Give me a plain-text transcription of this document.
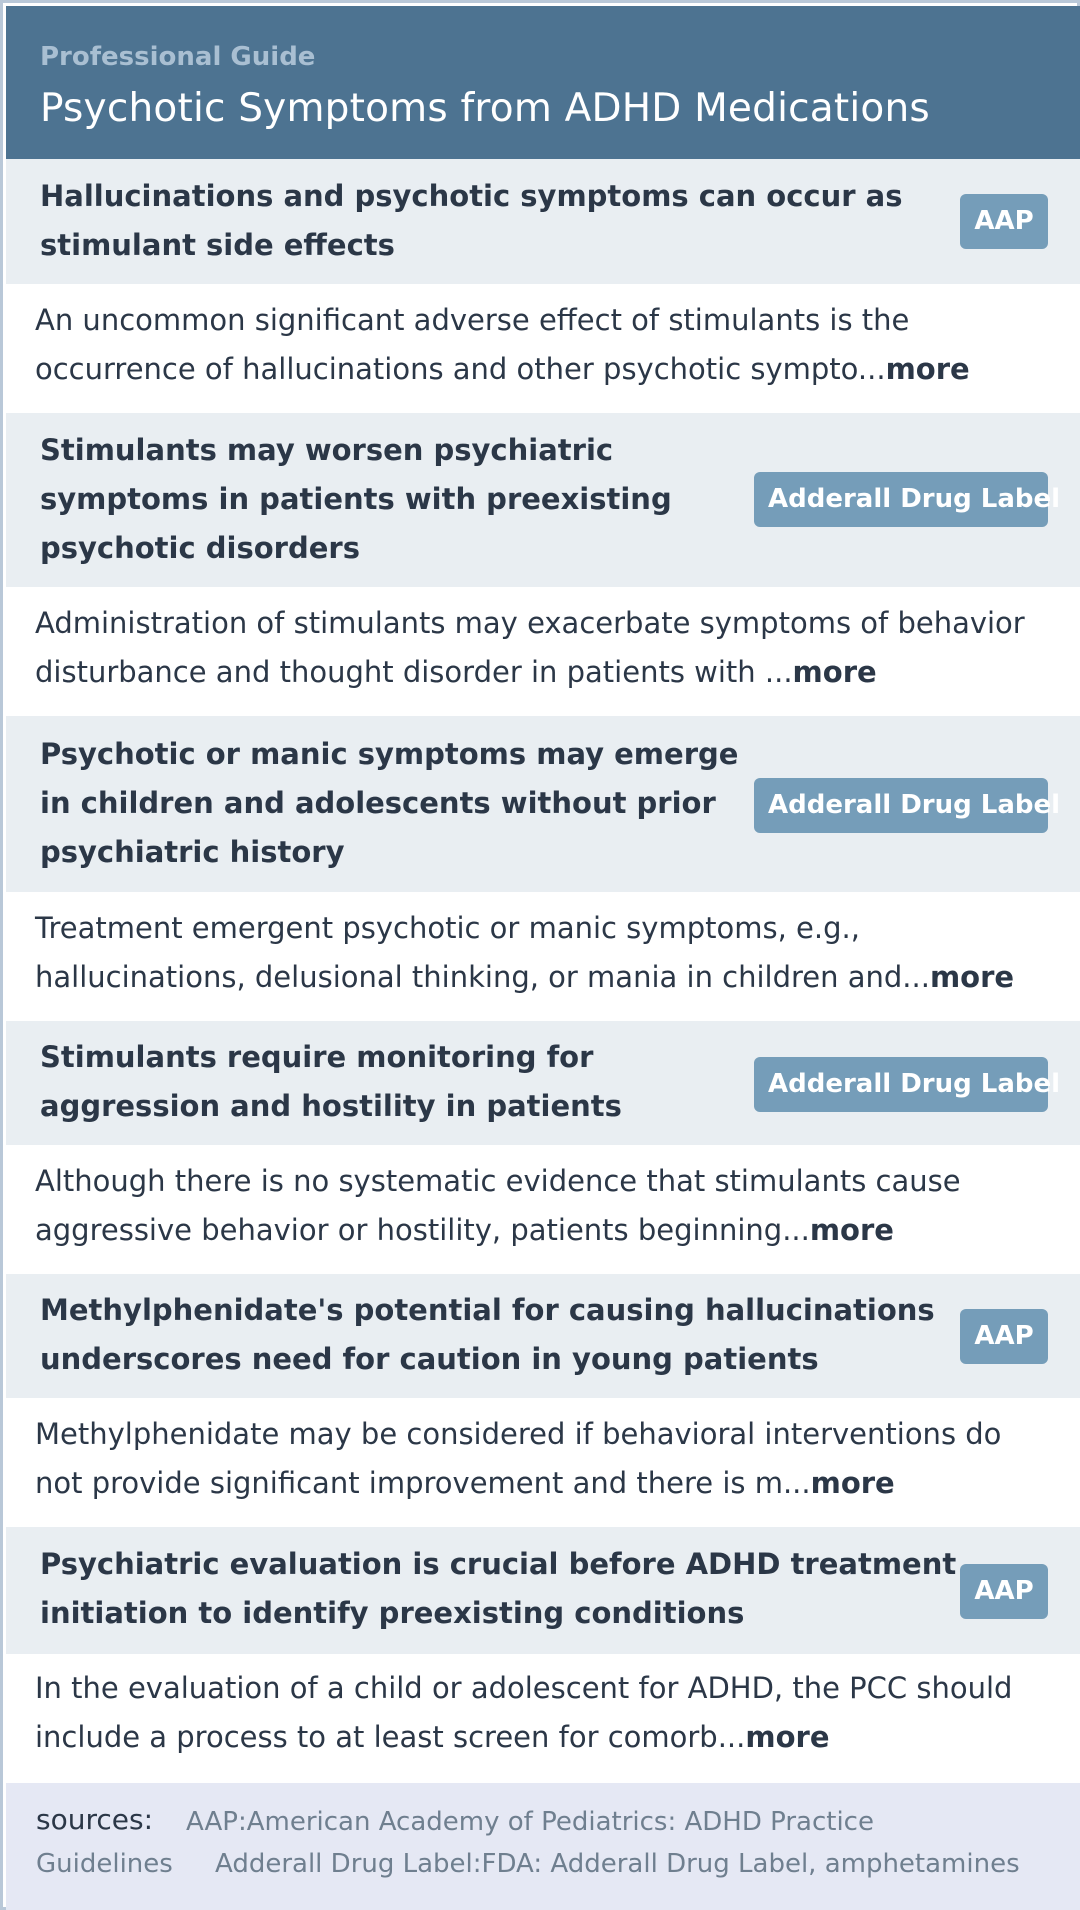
Professional Guide
Psychotic Symptoms from ADHD Medications
Hallucinations and psychotic symptoms can occur as
stimulant side effects
AAP
An uncommon significant adverse effect of stimulants is the
occurrence of hallucinations and other psychotic sympto...more
Stimulants may worsen psychiatric
symptoms in patients with preexisting
psychotic disorders
Adderall Drug Label
Administration of stimulants may exacerbate symptoms of behavior
disturbance and thought disorder in patients with ...more
Psychotic or manic symptoms may emerge
in children and adolescents without prior
psychiatric history
Adderall Drug Label
Treatment emergent psychotic or manic symptoms, e.g.,
hallucinations, delusional thinking, or mania in children and...more
Stimulants require monitoring for
aggression and hostility in patients
Adderall Drug Label
Although there is no systematic evidence that stimulants cause
aggressive behavior or hostility, patients beginning...more
Methylphenidate's potential for causing hallucinations
underscores need for caution in young patients
AAP
Methylphenidate may be considered if behavioral interventions do
not provide significant improvement and there is m...more
Psychiatric evaluation is crucial before ADHD treatment
initiation to identify preexisting conditions
AAP
In the evaluation of a child or adolescent for ADHD, the PCC should
include a process to at least screen for comorb...more
sources: AAP:American Academy of Pediatrics: ADHD Practice
Guidelines Adderall Drug Label:FDA: Adderall Drug Label, amphetamines
